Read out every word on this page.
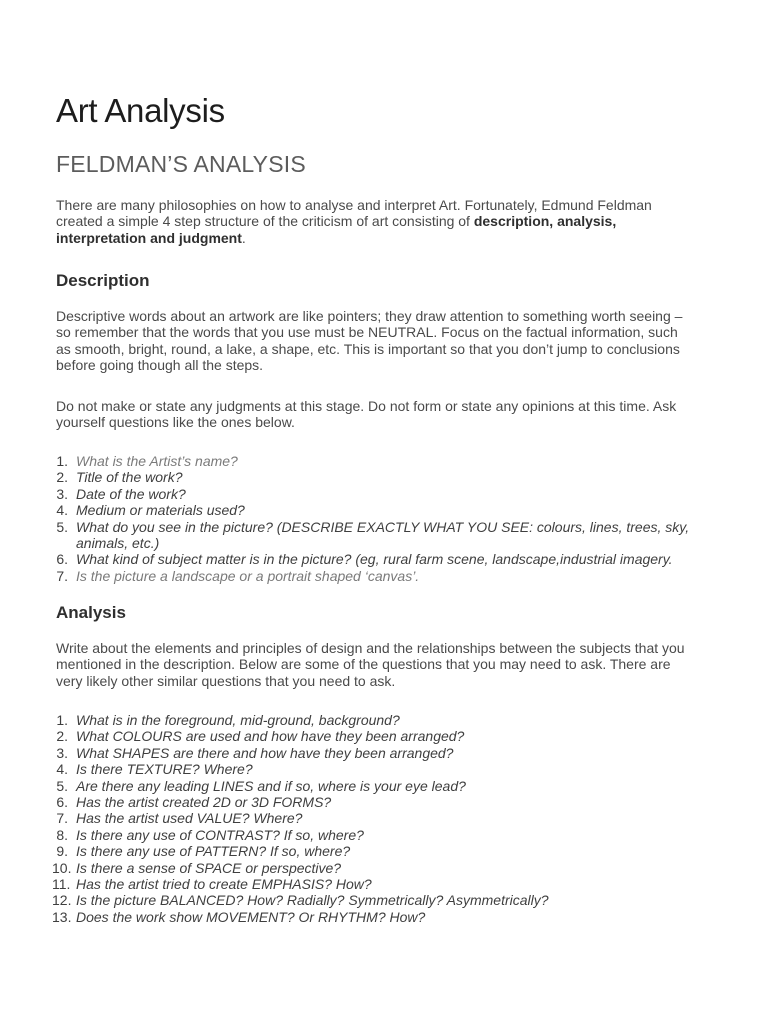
Art Analysis
FELDMAN’S ANALYSIS

There are many philosophies on how to analyse and interpret Art. Fortunately, Edmund Feldman created a simple 4 step structure of the criticism of art consisting of description, analysis, interpretation and judgment.

Description

Descriptive words about an artwork are like pointers; they draw attention to something worth seeing – so remember that the words that you use must be NEUTRAL. Focus on the factual information, such as smooth, bright, round, a lake, a shape, etc. This is important so that you don’t jump to conclusions before going though all the steps.

Do not make or state any judgments at this stage. Do not form or state any opinions at this time. Ask yourself questions like the ones below.

1. What is the Artist’s name?
2. Title of the work?
3. Date of the work?
4. Medium or materials used?
5. What do you see in the picture? (DESCRIBE EXACTLY WHAT YOU SEE: colours, lines, trees, sky, animals, etc.)
6. What kind of subject matter is in the picture? (eg, rural farm scene, landscape,industrial imagery.
7. Is the picture a landscape or a portrait shaped ‘canvas’.
Analysis

Write about the elements and principles of design and the relationships between the subjects that you mentioned in the description. Below are some of the questions that you may need to ask. There are very likely other similar questions that you need to ask.

1. What is in the foreground, mid-ground, background?
2. What COLOURS are used and how have they been arranged?
3. What SHAPES are there and how have they been arranged?
4. Is there TEXTURE? Where?
5. Are there any leading LINES and if so, where is your eye lead?
6. Has the artist created 2D or 3D FORMS?
7. Has the artist used VALUE? Where?
8. Is there any use of CONTRAST? If so, where?
9. Is there any use of PATTERN? If so, where?
10. Is there a sense of SPACE or perspective?
11. Has the artist tried to create EMPHASIS? How?
12. Is the picture BALANCED? How? Radially? Symmetrically? Asymmetrically?
13. Does the work show MOVEMENT? Or RHYTHM? How?
